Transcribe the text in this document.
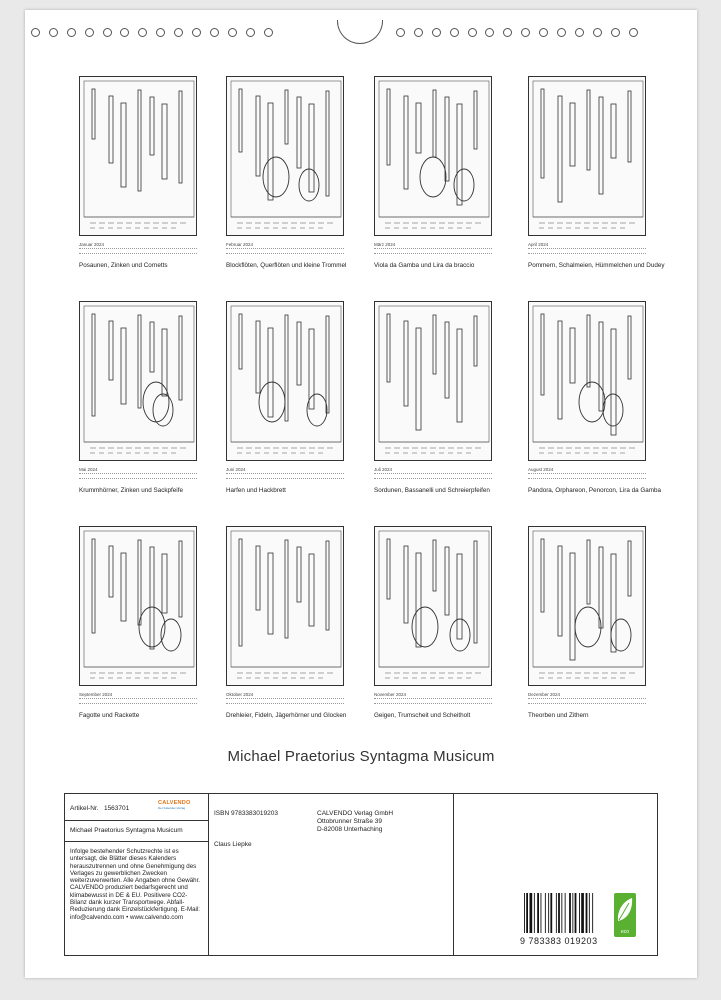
Januar 2024
Posaunen, Zinken und Cornetts
Februar 2024
Blockflöten, Querflöten und kleine Trommel
März 2024
Viola da Gamba und Lira da braccio
April 2024
Pommern, Schalmeien, Hümmelchen und Dudey
Mai 2024
Krummhörner, Zinken und Sackpfeife
Juni 2024
Harfen und Hackbrett
Juli 2024
Sordunen, Bassanelli und Schreierpfeifen
August 2024
Pandora, Orphareon, Penorcon, Lira da Gamba
September 2024
Fagotte und Rackette
Oktober 2024
Drehleier, Fideln, Jägerhörner und Glocken
November 2024
Geigen, Trumscheit und Scheitholt
Dezember 2024
Theorben und Zithern
Michael Praetorius Syntagma Musicum
Artikel-Nr. 1563701
CALVENDO
Der Kalender-Verlag
Michael Praetorius Syntagma Musicum
Infolge bestehender Schutzrechte ist es untersagt, die Blätter dieses Kalenders herauszutrennen und ohne Genehmigung des Verlages zu gewerblichen Zwecken weiterzuverwerten. Alle Angaben ohne Gewähr. CALVENDO produziert bedarfsgerecht und klimabewusst in DE & EU. Positivere CO2-Bilanz dank kurzer Transportwege. Abfall-Reduzierung dank Einzelstückfertigung. E-Mail: info@calvendo.com • www.calvendo.com
ISBN 9783383019203
Claus Liepke
CALVENDO Verlag GmbH
Ottobrunner Straße 39
D-82008 Unterhaching
9 783383 019203
eco
